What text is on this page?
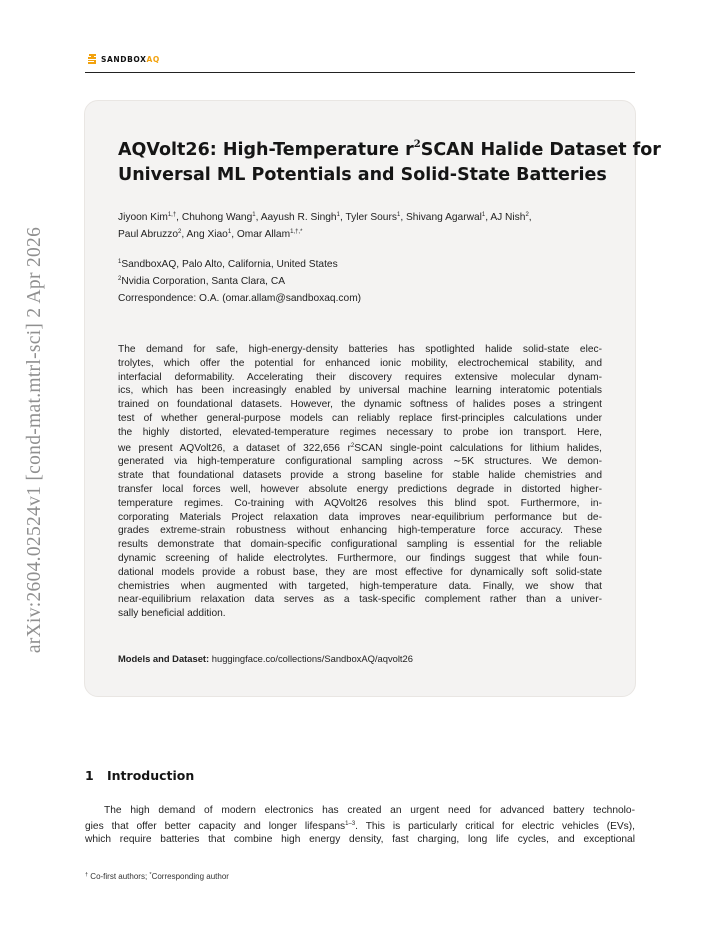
arXiv:2604.02524v1 [cond-mat.mtrl-sci] 2 Apr 2026
SANDBOXAQ
AQVolt26: High-Temperature $r^2SCAN$ Halide Dataset for
Universal ML Potentials and Solid-State Batteries
Jiyoon Kim$^{1,\dagger}$, Chuhong Wang$^1$, Aayush R. Singh$^1$, Tyler Sours$^1$, Shivang Agarwal$^1$, AJ Nish$^2$,
Paul Abruzzo$^2$, Ang Xiao$^1$, Omar Allam$^{1,\dagger,*}$
$^1$SandboxAQ, Palo Alto, California, United States
$^2$Nvidia Corporation, Santa Clara, CA
Correspondence: O.A. (omar.allam@sandboxaq.com)
The demand for safe, high-energy-density batteries has spotlighted halide solid-state elec-
trolytes, which offer the potential for enhanced ionic mobility, electrochemical stability, and
interfacial deformability. Accelerating their discovery requires extensive molecular dynam-
ics, which has been increasingly enabled by universal machine learning interatomic potentials
trained on foundational datasets. However, the dynamic softness of halides poses a stringent
test of whether general-purpose models can reliably replace first-principles calculations under
the highly distorted, elevated-temperature regimes necessary to probe ion transport. Here,
we present AQVolt26, a dataset of 322,656 $r^2SCAN$ single-point calculations for lithium halides,
generated via high-temperature configurational sampling across ∼5K structures. We demon-
strate that foundational datasets provide a strong baseline for stable halide chemistries and
transfer local forces well, however absolute energy predictions degrade in distorted higher-
temperature regimes. Co-training with AQVolt26 resolves this blind spot. Furthermore, in-
corporating Materials Project relaxation data improves near-equilibrium performance but de-
grades extreme-strain robustness without enhancing high-temperature force accuracy. These
results demonstrate that domain-specific configurational sampling is essential for the reliable
dynamic screening of halide electrolytes. Furthermore, our findings suggest that while foun-
dational models provide a robust base, they are most effective for dynamically soft solid-state
chemistries when augmented with targeted, high-temperature data. Finally, we show that
near-equilibrium relaxation data serves as a task-specific complement rather than a univer-
sally beneficial addition.
Models and Dataset: huggingface.co/collections/SandboxAQ/aqvolt26
1 Introduction
The high demand of modern electronics has created an urgent need for advanced battery technolo-
gies that offer better capacity and longer lifespans$^{1-3}$. This is particularly critical for electric vehicles (EVs),
which require batteries that combine high energy density, fast charging, long life cycles, and exceptional
† Co-first authors; *Corresponding author
